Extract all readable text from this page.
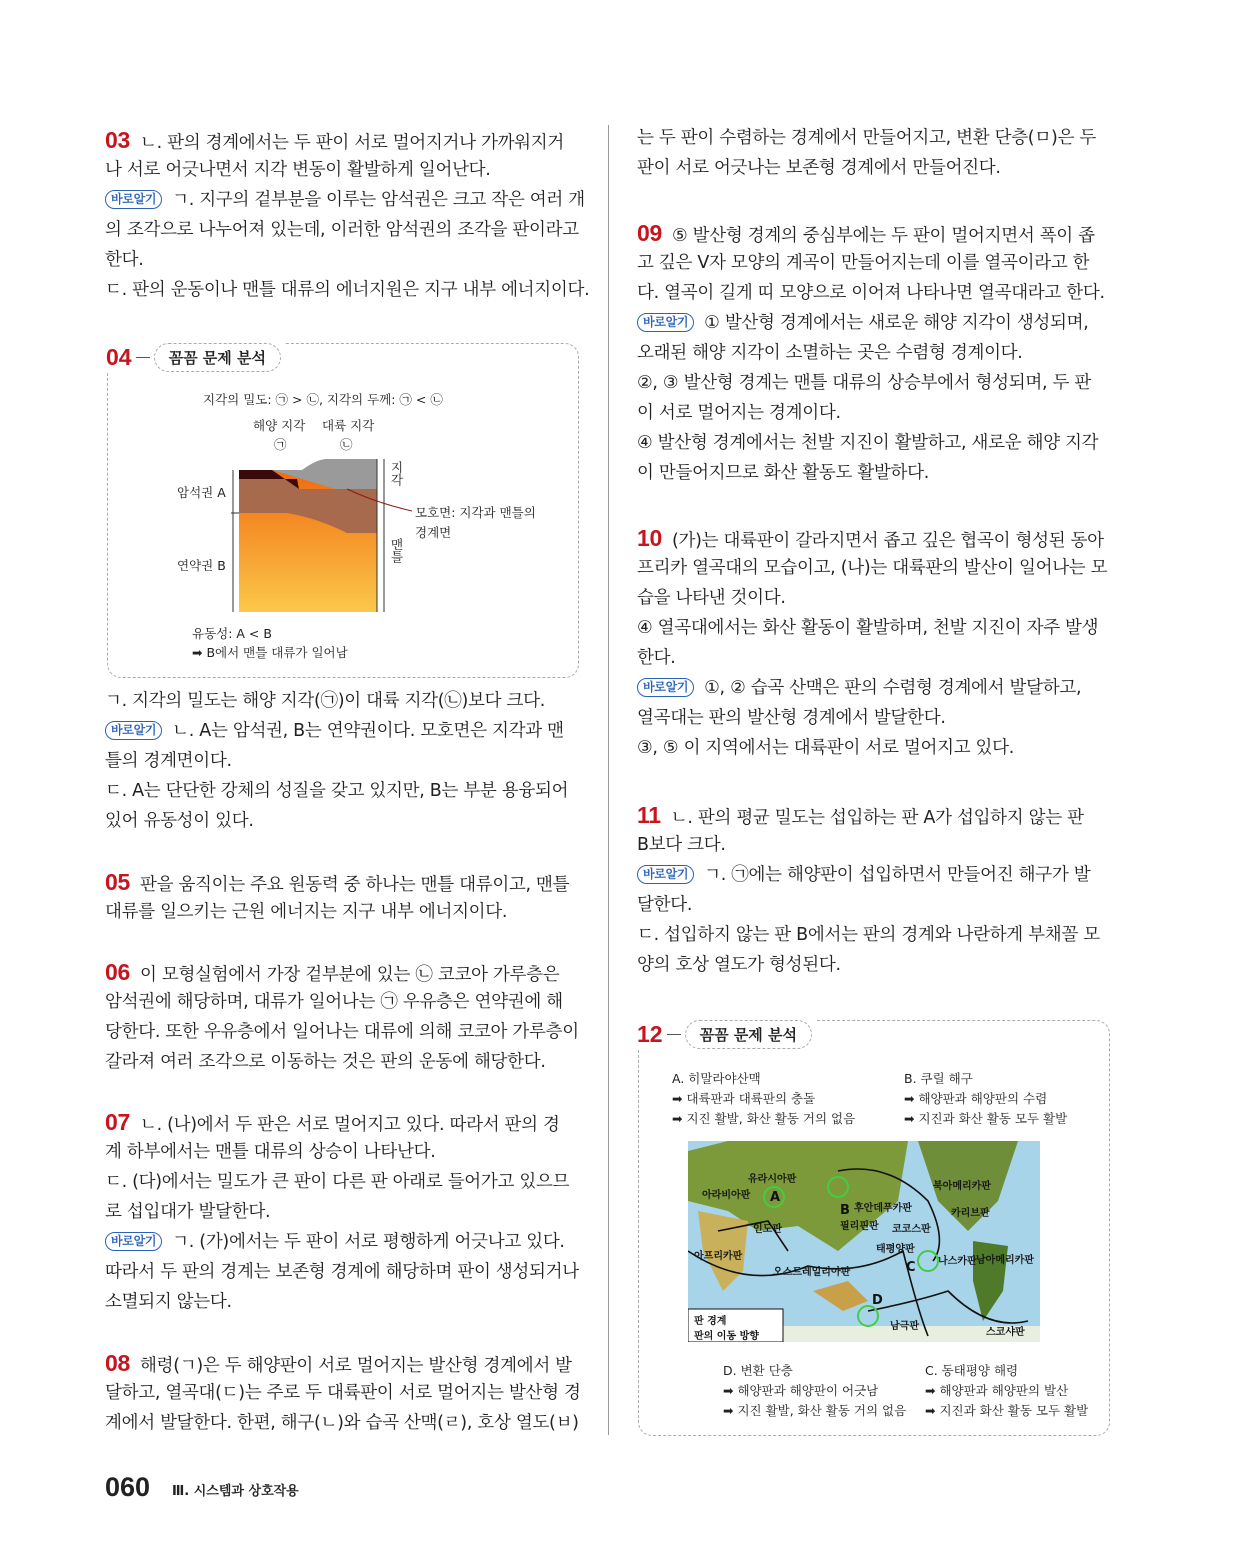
03 ㄴ. 판의 경계에서는 두 판이 서로 멀어지거나 가까워지거
나 서로 어긋나면서 지각 변동이 활발하게 일어난다.
바로알기 ㄱ. 지구의 겉부분을 이루는 암석권은 크고 작은 여러 개
의 조각으로 나누어져 있는데, 이러한 암석권의 조각을 판이라고
한다.
ㄷ. 판의 운동이나 맨틀 대류의 에너지원은 지구 내부 에너지이다.
ㄱ. 지각의 밀도는 해양 지각(㉠)이 대륙 지각(㉡)보다 크다.
바로알기 ㄴ. A는 암석권, B는 연약권이다. 모호면은 지각과 맨
틀의 경계면이다.
ㄷ. A는 단단한 강체의 성질을 갖고 있지만, B는 부분 용융되어
있어 유동성이 있다.
05 판을 움직이는 주요 원동력 중 하나는 맨틀 대류이고, 맨틀
대류를 일으키는 근원 에너지는 지구 내부 에너지이다.
06 이 모형실험에서 가장 겉부분에 있는 ㉡ 코코아 가루층은
암석권에 해당하며, 대류가 일어나는 ㉠ 우유층은 연약권에 해
당한다. 또한 우유층에서 일어나는 대류에 의해 코코아 가루층이
갈라져 여러 조각으로 이동하는 것은 판의 운동에 해당한다.
07 ㄴ. (나)에서 두 판은 서로 멀어지고 있다. 따라서 판의 경
계 하부에서는 맨틀 대류의 상승이 나타난다.
ㄷ. (다)에서는 밀도가 큰 판이 다른 판 아래로 들어가고 있으므
로 섭입대가 발달한다.
바로알기 ㄱ. (가)에서는 두 판이 서로 평행하게 어긋나고 있다.
따라서 두 판의 경계는 보존형 경계에 해당하며 판이 생성되거나
소멸되지 않는다.
08 해령(ㄱ)은 두 해양판이 서로 멀어지는 발산형 경계에서 발
달하고, 열곡대(ㄷ)는 주로 두 대륙판이 서로 멀어지는 발산형 경
계에서 발달한다. 한편, 해구(ㄴ)와 습곡 산맥(ㄹ), 호상 열도(ㅂ)
는 두 판이 수렴하는 경계에서 만들어지고, 변환 단층(ㅁ)은 두
판이 서로 어긋나는 보존형 경계에서 만들어진다.
09 ⑤ 발산형 경계의 중심부에는 두 판이 멀어지면서 폭이 좁
고 깊은 V자 모양의 계곡이 만들어지는데 이를 열곡이라고 한
다. 열곡이 길게 띠 모양으로 이어져 나타나면 열곡대라고 한다.
바로알기 ① 발산형 경계에서는 새로운 해양 지각이 생성되며,
오래된 해양 지각이 소멸하는 곳은 수렴형 경계이다.
②, ③ 발산형 경계는 맨틀 대류의 상승부에서 형성되며, 두 판
이 서로 멀어지는 경계이다.
④ 발산형 경계에서는 천발 지진이 활발하고, 새로운 해양 지각
이 만들어지므로 화산 활동도 활발하다.
10 (가)는 대륙판이 갈라지면서 좁고 깊은 협곡이 형성된 동아
프리카 열곡대의 모습이고, (나)는 대륙판의 발산이 일어나는 모
습을 나타낸 것이다.
④ 열곡대에서는 화산 활동이 활발하며, 천발 지진이 자주 발생
한다.
바로알기 ①, ② 습곡 산맥은 판의 수렴형 경계에서 발달하고,
열곡대는 판의 발산형 경계에서 발달한다.
③, ⑤ 이 지역에서는 대륙판이 서로 멀어지고 있다.
11 ㄴ. 판의 평균 밀도는 섭입하는 판 A가 섭입하지 않는 판
B보다 크다.
바로알기 ㄱ. ㉠에는 해양판이 섭입하면서 만들어진 해구가 발
달한다.
ㄷ. 섭입하지 않는 판 B에서는 판의 경계와 나란하게 부채꼴 모
양의 호상 열도가 형성된다.
04	꼼꼼 문제 분석
지각의 밀도: ㉠ > ㉡, 지각의 두께: ㉠ < ㉡
해양 지각 대륙 지각
㉠	㉡
암석권 A
연약권 B
지각
맨틀
모호면: 지각과 맨틀의
경계면
유동성: A < B
➡ B에서 맨틀 대류가 일어남
12	꼼꼼 문제 분석
A. 히말라야산맥
➡ 대륙판과 대륙판의 충돌
➡ 지진 활발, 화산 활동 거의 없음
B. 쿠릴 해구
➡ 해양판과 해양판의 수렴
➡ 지진과 화산 활동 모두 활발
유라시아판
아라비아판
인도판
아프리카판
오스트레일리아판
필리핀판
후안데푸카판
태평양판
코코스판
북아메리카판
카리브판
나스카판 남아메리카판
남극판
스코샤판
A
B
C
D
판 경계
판의 이동 방향
D. 변환 단층
➡ 해양판과 해양판이 어긋남
➡ 지진 활발, 화산 활동 거의 없음
C. 동태평양 해령
➡ 해양판과 해양판의 발산
➡ 지진과 화산 활동 모두 활발
060 Ⅲ. 시스템과 상호작용
